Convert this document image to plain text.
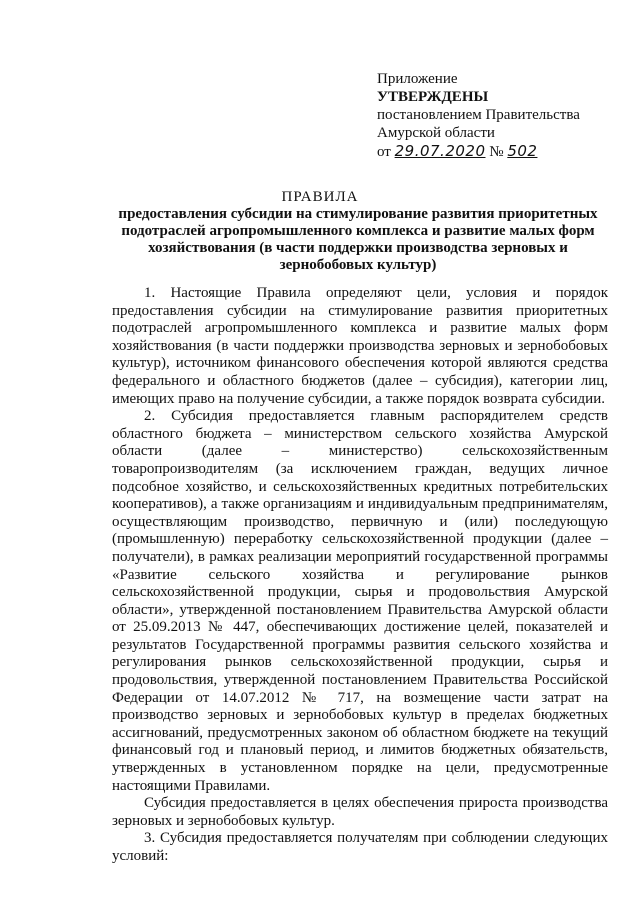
Приложение
УТВЕРЖДЕНЫ
постановлением Правительства
Амурской области
от 29.07.2020 № 502
ПРАВИЛА
предоставления субсидии на стимулирование развития приоритетных подотраслей агропромышленного комплекса и развитие малых форм хозяйствования (в части поддержки производства зерновых и зернобобовых культур)

1. Настоящие Правила определяют цели, условия и порядок предоставления субсидии на стимулирование развития приоритетных подотраслей агропромышленного комплекса и развитие малых форм хозяйствования (в части поддержки производства зерновых и зернобобовых культур), источником финансового обеспечения которой являются средства федерального и областного бюджетов (далее – субсидия), категории лиц, имеющих право на получение субсидии, а также порядок возврата субсидии.

2. Субсидия предоставляется главным распорядителем средств областного бюджета – министерством сельского хозяйства Амурской области (далее – министерство) сельскохозяйственным товаропроизводителям (за исключением граждан, ведущих личное подсобное хозяйство, и сельскохозяйственных кредитных потребительских кооперативов), а также организациям и индивидуальным предпринимателям, осуществляющим производство, первичную и (или) последующую (промышленную) переработку сельскохозяйственной продукции (далее – получатели), в рамках реализации мероприятий государственной программы «Развитие сельского хозяйства и регулирование рынков сельскохозяйственной продукции, сырья и продовольствия Амурской области», утвержденной постановлением Правительства Амурской области от 25.09.2013 № 447, обеспечивающих достижение целей, показателей и результатов Государственной программы развития сельского хозяйства и регулирования рынков сельскохозяйственной продукции, сырья и продовольствия, утвержденной постановлением Правительства Российской Федерации от 14.07.2012 № 717, на возмещение части затрат на производство зерновых и зернобобовых культур в пределах бюджетных ассигнований, предусмотренных законом об областном бюджете на текущий финансовый год и плановый период, и лимитов бюджетных обязательств, утвержденных в установленном порядке на цели, предусмотренные настоящими Правилами.

Субсидия предоставляется в целях обеспечения прироста производства зерновых и зернобобовых культур.

3. Субсидия предоставляется получателям при соблюдении следующих условий:
